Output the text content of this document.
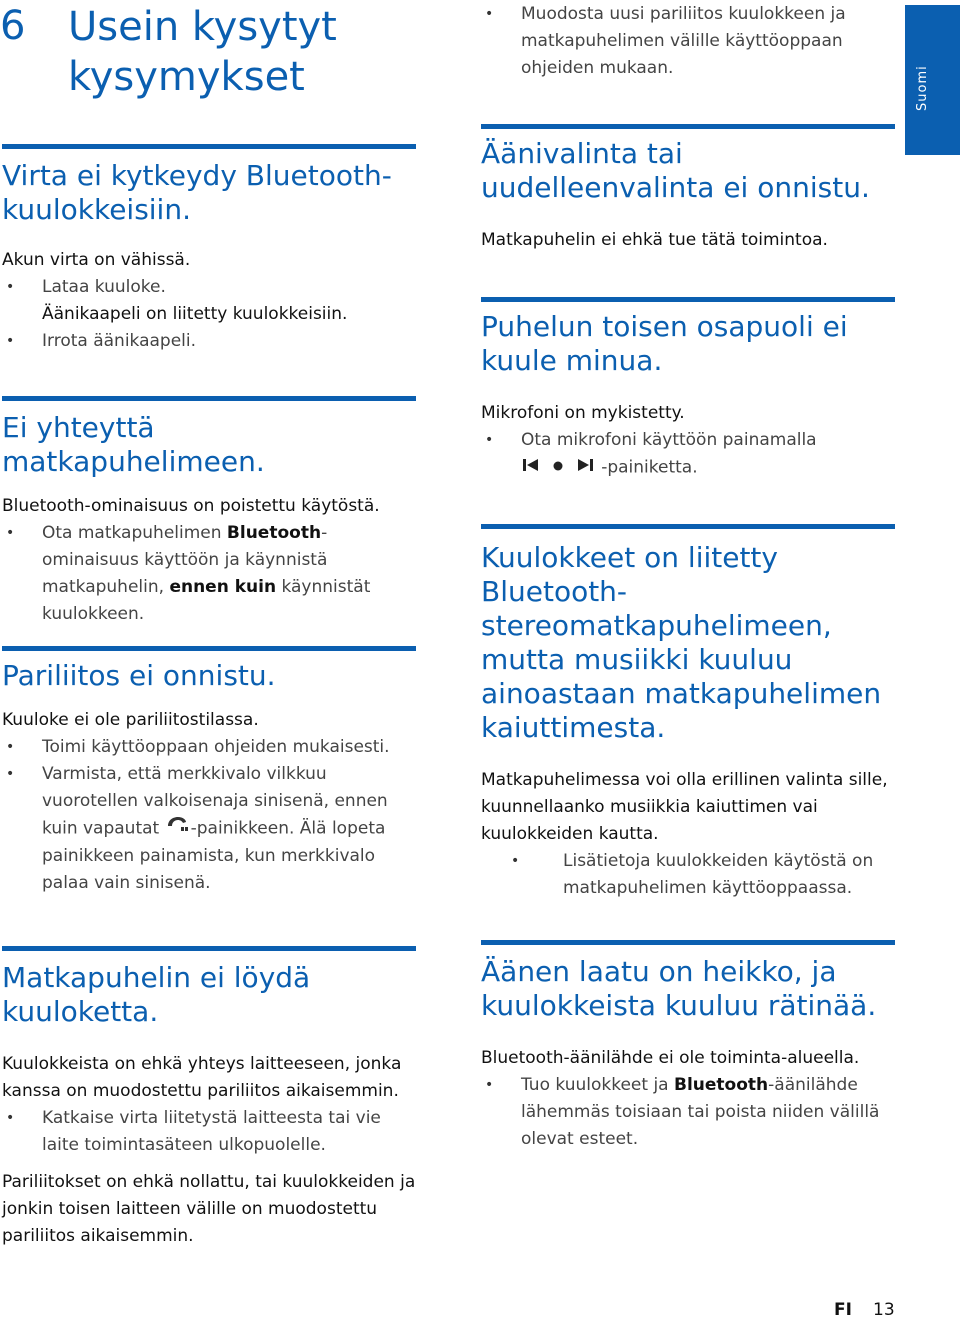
6 Usein kysytyt kysymykset	Suomi
Virta ei kytkeydy Bluetooth-kuulokkeisiin.

Akun virta on vähissä.

• Lataa kuuloke.

Äänikaapeli on liitetty kuulokkeisiin.

• Irrota äänikaapeli.
Ei yhteyttä matkapuhelimeen.

Bluetooth-ominaisuus on poistettu käytöstä.

• Ota matkapuhelimen Bluetooth-ominaisuus käyttöön ja käynnistä matkapuhelin, ennen kuin käynnistät kuulokkeen.
Pariliitos ei onnistu.

Kuuloke ei ole pariliitostilassa.

• Toimi käyttöoppaan ohjeiden mukaisesti.
• Varmista, että merkkivalo vilkkuu vuorotellen valkoisenaja sinisenä, ennen kuin vapautat -painikkeen. Älä lopeta painikkeen painamista, kun merkkivalo palaa vain sinisenä.
Matkapuhelin ei löydä kuuloketta.

Kuulokkeista on ehkä yhteys laitteeseen, jonka kanssa on muodostettu pariliitos aikaisemmin.

• Katkaise virta liitetystä laitteesta tai vie laite toimintasäteen ulkopuolelle.

Pariliitokset on ehkä nollattu, tai kuulokkeiden ja jonkin toisen laitteen välille on muodostettu pariliitos aikaisemmin.

• Muodosta uusi pariliitos kuulokkeen ja matkapuhelimen välille käyttöoppaan ohjeiden mukaan.
Äänivalinta tai uudelleenvalinta ei onnistu.

Matkapuhelin ei ehkä tue tätä toimintoa.

Puhelun toisen osapuoli ei kuule minua.

Mikrofoni on mykistetty.

• Ota mikrofoni käyttöön painamalla
-painiketta.
Kuulokkeet on liitetty Bluetooth-stereomatkapuhelimeen, mutta musiikki kuuluu ainoastaan matkapuhelimen kaiuttimesta.

Matkapuhelimessa voi olla erillinen valinta sille, kuunnellaanko musiikkia kaiuttimen vai kuulokkeiden kautta.

•	Lisätietoja kuulokkeiden käytöstä on matkapuhelimen käyttöoppaassa.
Äänen laatu on heikko, ja kuulokkeista kuuluu rätinää.

Bluetooth-äänilähde ei ole toiminta-alueella.

• Tuo kuulokkeet ja Bluetooth-äänilähde lähemmäs toisiaan tai poista niiden välillä olevat esteet.
FI 13
